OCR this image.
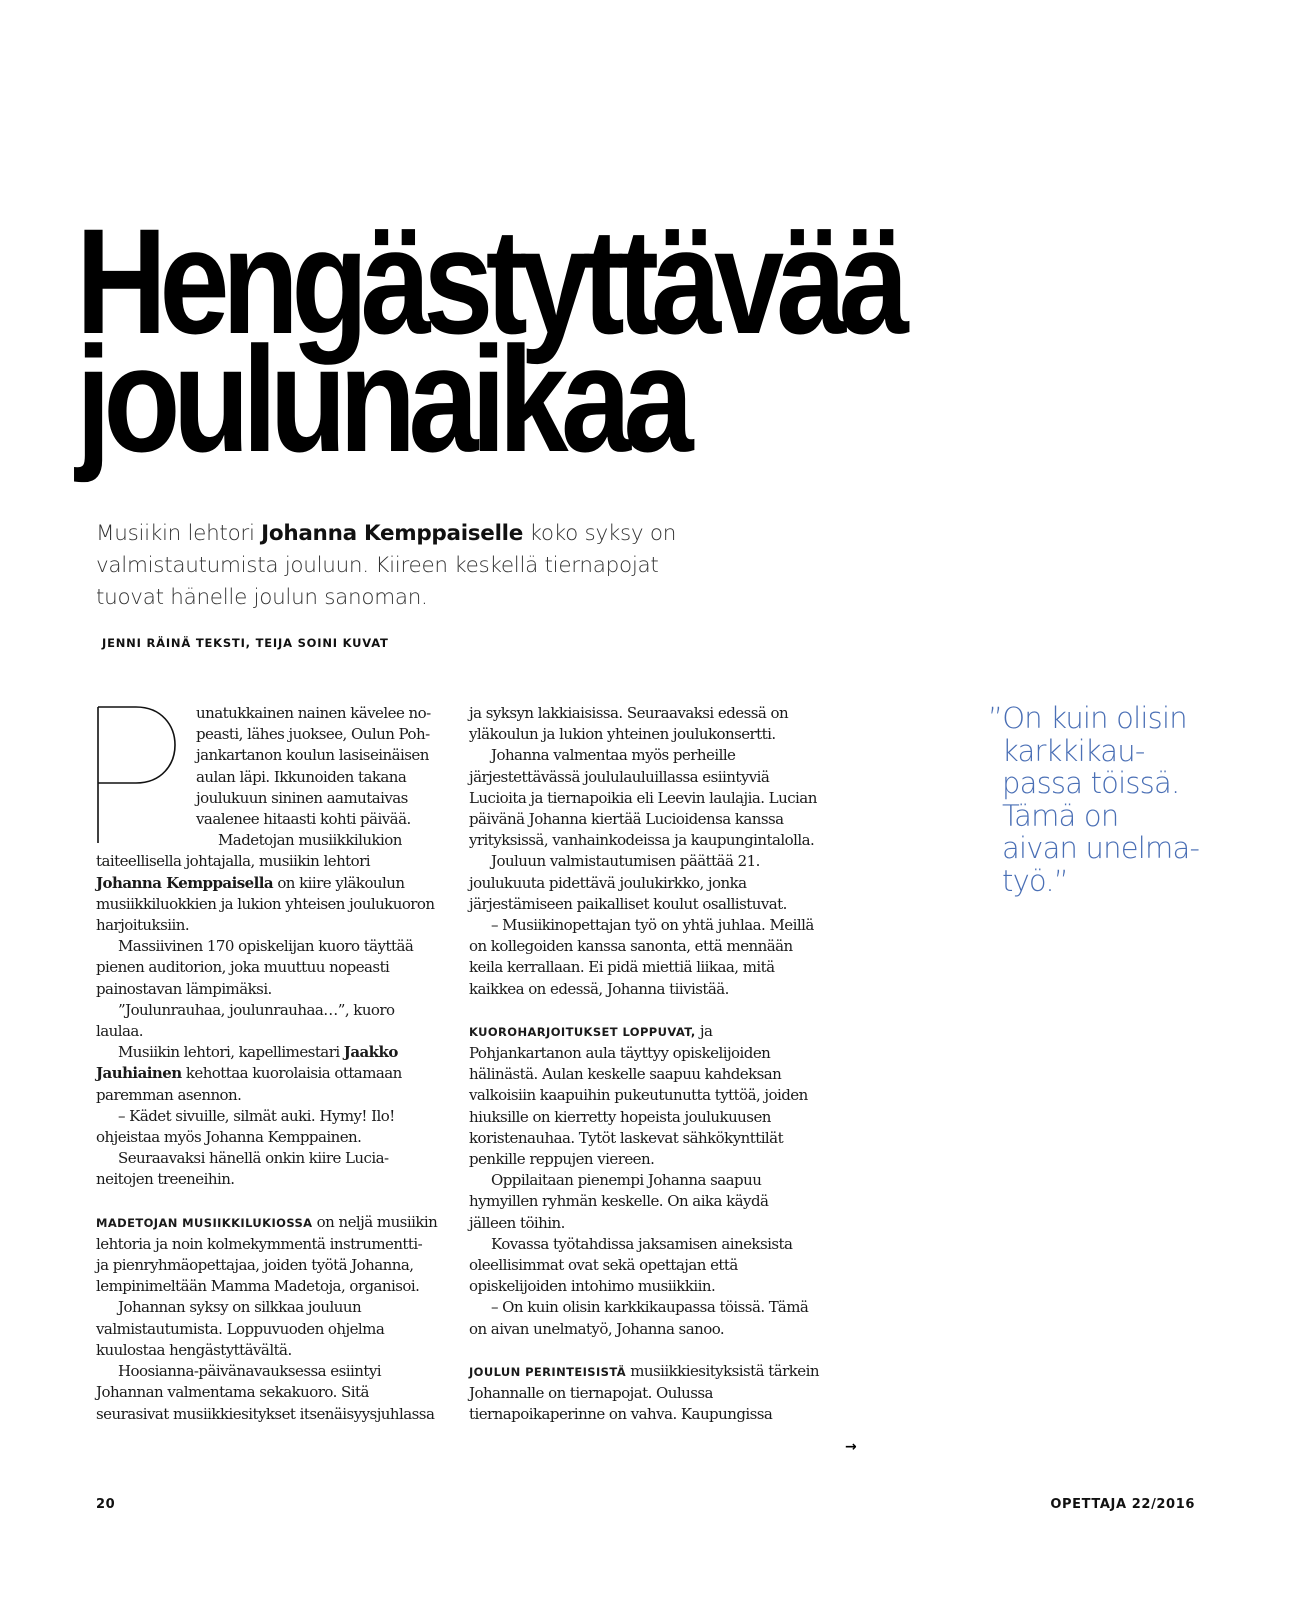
Hengästyttävää
joulunaikaa
Musiikin lehtori Johanna Kemppaiselle koko syksy on valmistautumista jouluun. Kiireen keskellä tiernapojat tuovat hänelle joulun sanoman.
JENNI RÄINÄ TEKSTI, TEIJA SOINI KUVAT
unatukkainen nainen kävelee no-
peasti, lähes juoksee, Oulun Poh-
jankartanon koulun lasiseinäisen
aulan läpi. Ikkunoiden takana
joulukuun sininen aamutaivas
vaalenee hitaasti kohti päivää.
Madetojan musiikkilukion

taiteellisella johtajalla, musiikin lehtori Johanna Kemppaisella on kiire yläkoulun musiikkiluokkien ja lukion yhteisen joulukuoron harjoituksiin.

Massiivinen 170 opiskelijan kuoro täyttää pienen auditorion, joka muuttuu nopeasti painostavan lämpimäksi.

”Joulunrauhaa, joulunrauhaa…”, kuoro laulaa.

Musiikin lehtori, kapellimestari Jaakko Jauhiainen kehottaa kuorolaisia ottamaan paremman asennon.

– Kädet sivuille, silmät auki. Hymy! Ilo! ohjeistaa myös Johanna Kemppainen.

Seuraavaksi hänellä onkin kiire Lucia-neitojen treeneihin.

MADETOJAN MUSIIKKILUKIOSSA on neljä musiikin lehtoria ja noin kolmekymmentä instrumentti- ja pienryhmäopettajaa, joiden työtä Johanna, lempinimeltään Mamma Madetoja, organisoi.

Johannan syksy on silkkaa jouluun valmistautumista. Loppuvuoden ohjelma kuulostaa hengästyttävältä.

Hoosianna-päivänavauksessa esiintyi Johannan valmentama sekakuoro. Sitä seurasivat musiikkiesitykset itsenäisyysjuhlassa

ja syksyn lakkiaisissa. Seuraavaksi edessä on yläkoulun ja lukion yhteinen joulukonsertti.

Johanna valmentaa myös perheille järjestettävässä joululauluillassa esiintyviä Lucioita ja tiernapoikia eli Leevin laulajia. Lucian päivänä Johanna kiertää Lucioidensa kanssa yrityksissä, vanhainkodeissa ja kaupungintalolla.

Jouluun valmistautumisen päättää 21. joulukuuta pidettävä joulukirkko, jonka järjestämiseen paikalliset koulut osallistuvat.

– Musiikinopettajan työ on yhtä juhlaa. Meillä on kollegoiden kanssa sanonta, että mennään keila kerrallaan. Ei pidä miettiä liikaa, mitä kaikkea on edessä, Johanna tiivistää.

KUOROHARJOITUKSET LOPPUVAT, ja Pohjankartanon aula täyttyy opiskelijoiden hälinästä. Aulan keskelle saapuu kahdeksan valkoisiin kaapuihin pukeutunutta tyttöä, joiden hiuksille on kierretty hopeista joulukuusen koristenauhaa. Tytöt laskevat sähkökynttilät penkille reppujen viereen.

Oppilaitaan pienempi Johanna saapuu hymyillen ryhmän keskelle. On aika käydä jälleen töihin.

Kovassa työtahdissa jaksamisen aineksista oleellisimmat ovat sekä opettajan että opiskelijoiden intohimo musiikkiin.

– On kuin olisin karkkikaupassa töissä. Tämä on aivan unelmatyö, Johanna sanoo.

JOULUN PERINTEISISTÄ musiikkiesityksistä tärkein Johannalle on tiernapojat. Oulussa tiernapoikaperinne on vahva. Kaupungissa

”On kuin olisin
karkkikau-
passa töissä.
Tämä on
aivan unelma-
työ.”
→
20	OPETTAJA 22/2016
